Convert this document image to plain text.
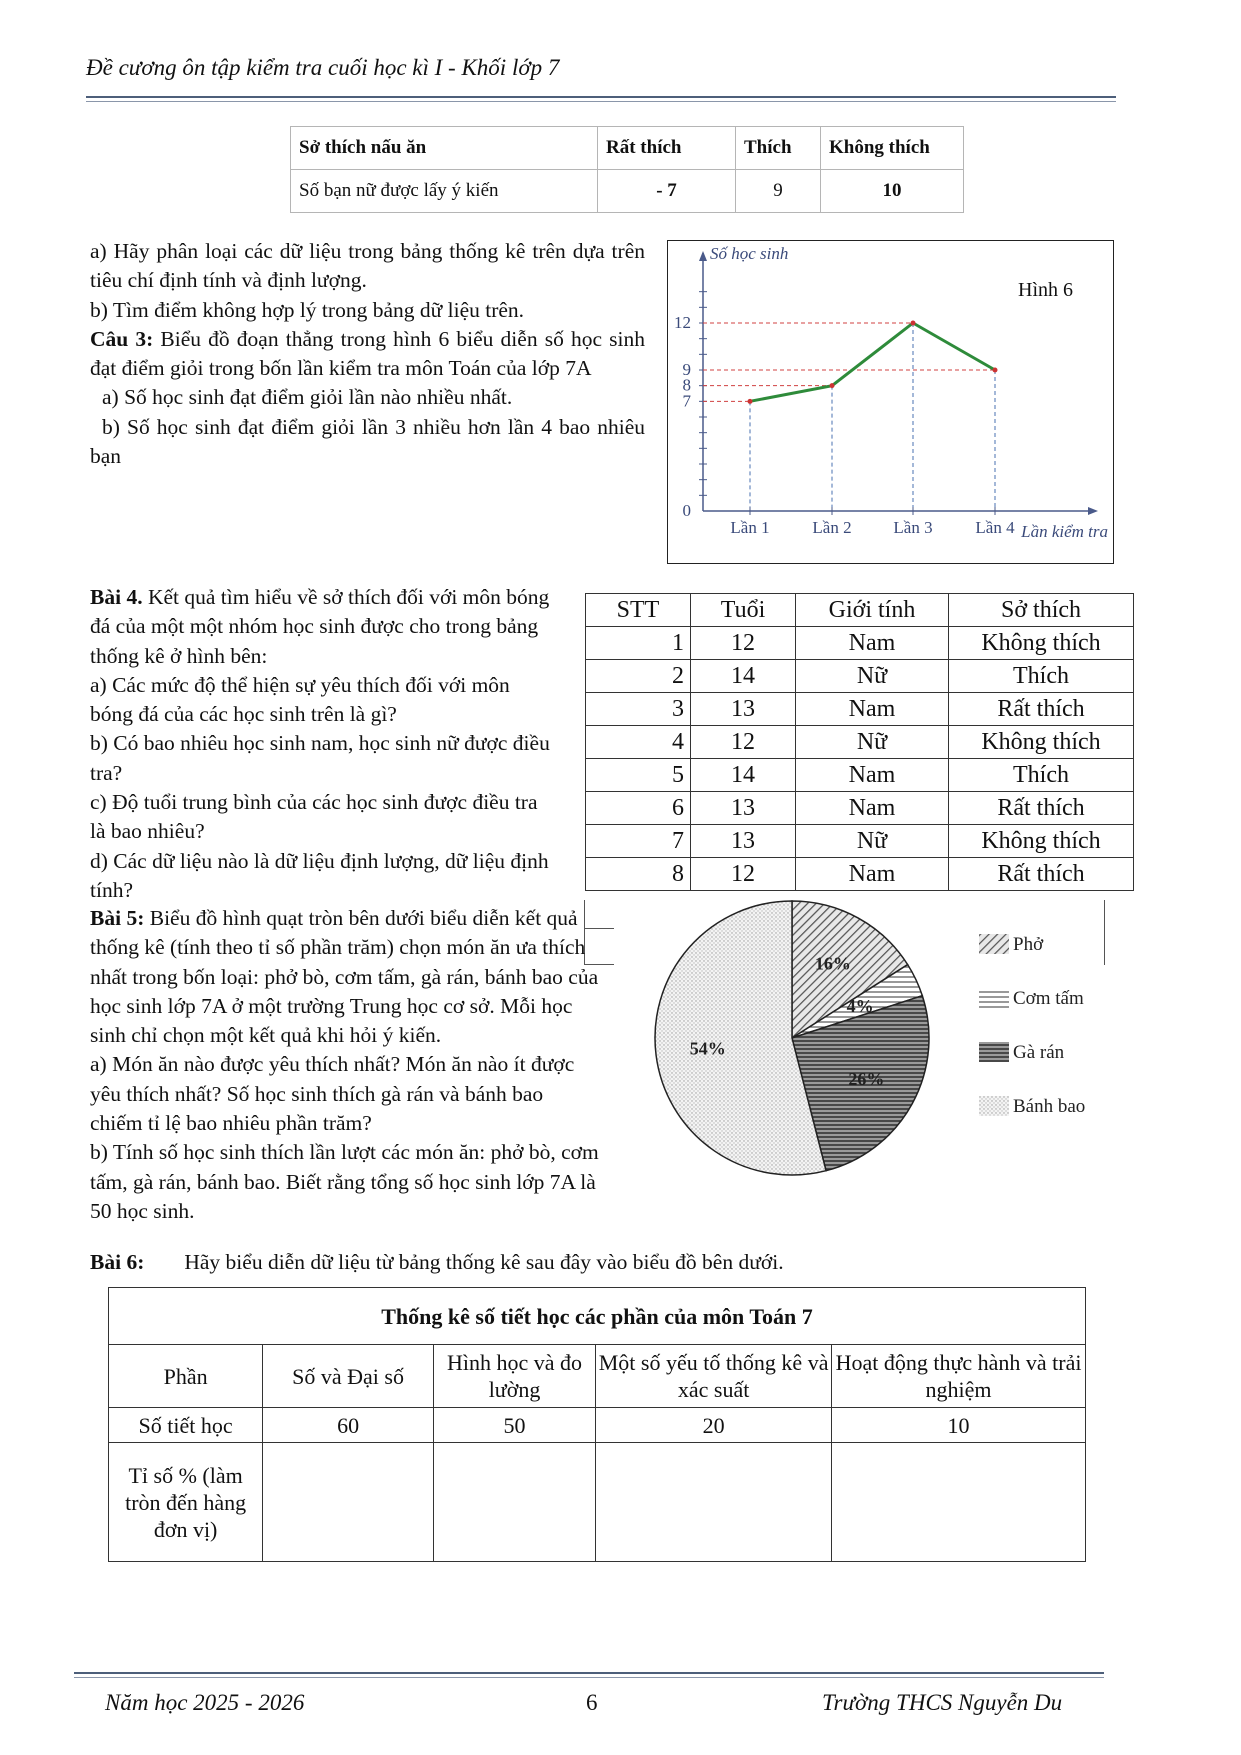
Đề cương ôn tập kiểm tra cuối học kì I - Khối lớp 7
Sở thích nấu ăn	Rất thích	Thích	Không thích
Số bạn nữ được lấy ý kiến	- 7	9	10

a) Hãy phân loại các dữ liệu trong bảng thống kê trên dựa trên tiêu chí định tính và định lượng.

b) Tìm điểm không hợp lý trong bảng dữ liệu trên.

Câu 3: Biểu đồ đoạn thẳng trong hình 6 biểu diễn số học sinh đạt điểm giỏi trong bốn lần kiểm tra môn Toán của lớp 7A

a) Số học sinh đạt điểm giỏi lần nào nhiều nhất.

b) Số học sinh đạt điểm giỏi lần 3 nhiều hơn lần 4 bao nhiêu bạn

0
7
8
9
12
Lần 1	Lần 2 Lần 3	Lần 4
Số học sinh
Lần kiểm tra
Hình 6

Bài 4. Kết quả tìm hiểu về sở thích đối với môn bóng đá của một một nhóm học sinh được cho trong bảng thống kê ở hình bên:

a) Các mức độ thể hiện sự yêu thích đối với môn bóng đá của các học sinh trên là gì?

b) Có bao nhiêu học sinh nam, học sinh nữ được điều tra?

c) Độ tuổi trung bình của các học sinh được điều tra là bao nhiêu?

d) Các dữ liệu nào là dữ liệu định lượng, dữ liệu định tính?

STT	Tuổi	Giới tính	Sở thích
1	12	Nam	Không thích
2	14	Nữ	Thích
3	13	Nam	Rất thích
4	12	Nữ	Không thích
5	14	Nam	Thích
6	13	Nam	Rất thích
7	13	Nữ	Không thích
8	12	Nam	Rất thích

Bài 5: Biểu đồ hình quạt tròn bên dưới biểu diễn kết quả thống kê (tính theo tỉ số phần trăm) chọn món ăn ưa thích nhất trong bốn loại: phở bò, cơm tấm, gà rán, bánh bao của học sinh lớp 7A ở một trường Trung học cơ sở. Mỗi học sinh chỉ chọn một kết quả khi hỏi ý kiến.

a) Món ăn nào được yêu thích nhất? Món ăn nào ít được yêu thích nhất? Số học sinh thích gà rán và bánh bao chiếm tỉ lệ bao nhiêu phần trăm?

b) Tính số học sinh thích lần lượt các món ăn: phở bò, cơm tấm, gà rán, bánh bao. Biết rằng tổng số học sinh lớp 7A là 50 học sinh.

16%
4%
26%
54%
Phở
Cơm tấm
Gà rán
Bánh bao
Bài 6: Hãy biểu diễn dữ liệu từ bảng thống kê sau đây vào biểu đồ bên dưới.
Thống kê số tiết học các phần của môn Toán 7				
Phần	Số và Đại số	Hình học và đo lường	Một số yếu tố thống kê và xác suất	Hoạt động thực hành và trải nghiệm
Số tiết học	60	50	20	10
Tỉ số % (làm tròn đến hàng đơn vị)				
Năm học 2025 - 2026	6	Trường THCS Nguyễn Du
